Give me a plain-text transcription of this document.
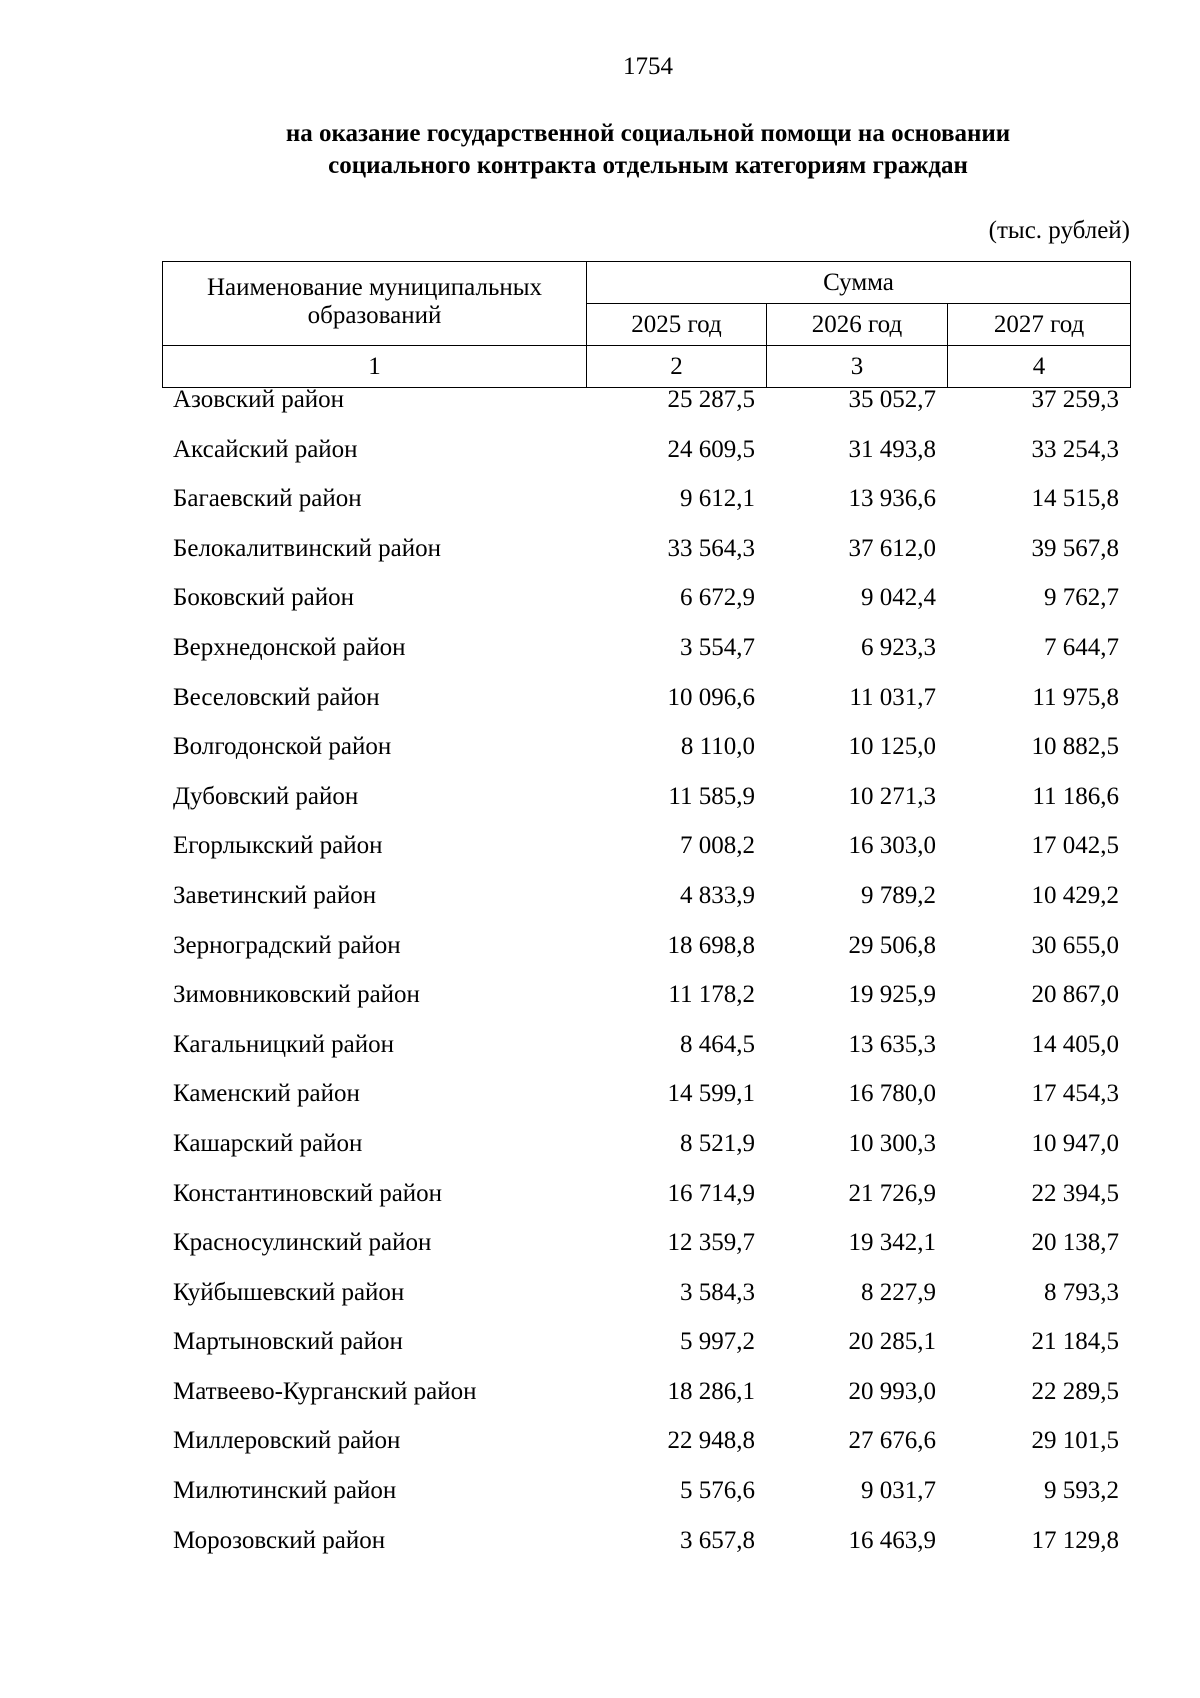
1754
на оказание государственной социальной помощи на основании
социального контракта отдельным категориям граждан
(тыс. рублей)
Наименование муниципальных образований	Сумма		
	2025 год	2026 год	2027 год
1	2	3	4
Азовский район	25 287,5	35 052,7	37 259,3
Аксайский район	24 609,5	31 493,8	33 254,3
Багаевский район	9 612,1	13 936,6	14 515,8
Белокалитвинский район	33 564,3	37 612,0	39 567,8
Боковский район	6 672,9	9 042,4	9 762,7
Верхнедонской район	3 554,7	6 923,3	7 644,7
Веселовский район	10 096,6	11 031,7	11 975,8
Волгодонской район	8 110,0	10 125,0	10 882,5
Дубовский район	11 585,9	10 271,3	11 186,6
Егорлыкский район	7 008,2	16 303,0	17 042,5
Заветинский район	4 833,9	9 789,2	10 429,2
Зерноградский район	18 698,8	29 506,8	30 655,0
Зимовниковский район	11 178,2	19 925,9	20 867,0
Кагальницкий район	8 464,5	13 635,3	14 405,0
Каменский район	14 599,1	16 780,0	17 454,3
Кашарский район	8 521,9	10 300,3	10 947,0
Константиновский район	16 714,9	21 726,9	22 394,5
Красносулинский район	12 359,7	19 342,1	20 138,7
Куйбышевский район	3 584,3	8 227,9	8 793,3
Мартыновский район	5 997,2	20 285,1	21 184,5
Матвеево-Курганский район	18 286,1	20 993,0	22 289,5
Миллеровский район	22 948,8	27 676,6	29 101,5
Милютинский район	5 576,6	9 031,7	9 593,2
Морозовский район	3 657,8	16 463,9	17 129,8
